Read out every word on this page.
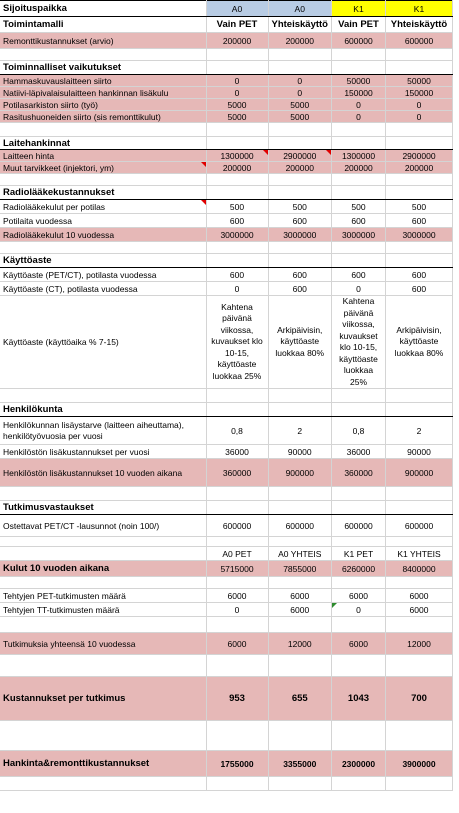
Sijoituspaikka	A0	A0	K1	K1
Toimintamalli	Vain PET	Yhteiskäyttö	Vain PET	Yhteiskäyttö
Remonttikustannukset (arvio)	200000	200000	600000	600000

Toiminnalliset vaikutukset				
Hammaskuvauslaitteen siirto	0	0	50000	50000
Natiivi-läpivalaisulaitteen hankinnan lisäkulu	0	0	150000	150000
Potilasarkiston siirto (työ)	5000	5000	0	0
Rasitushuoneiden siirto (sis remonttikulut)	5000	5000	0	0

Laitehankinnat				
Laitteen hinta	1300000	2900000	1300000	2900000
Muut tarvikkeet (injektori, ym)	200000	200000	200000	200000

Radiolääkekustannukset				
Radiolääkekulut per potilas	500	500	500	500
Potilaita vuodessa	600	600	600	600
Radiolääkekulut 10 vuodessa	3000000	3000000	3000000	3000000

Käyttöaste				
Käyttöaste (PET/CT), potilasta vuodessa	600	600	600	600
Käyttöaste (CT), potilasta vuodessa	0	600	0	600
Käyttöaste (käyttöaika % 7-15)	Kahtena päivänä viikossa, kuvaukset klo 10-15, käyttöaste luokkaa 25%	Arkipäivisin, käyttöaste luokkaa 80%	Kahtena päivänä viikossa, kuvaukset klo 10-15, käyttöaste luokkaa 25%	Arkipäivisin, käyttöaste luokkaa 80%

Henkilökunta				
Henkilökunnan lisäystarve (laitteen aiheuttama), henkilötyövuosia per vuosi	0,8	2	0,8	2
Henkilöstön lisäkustannukset per vuosi	36000	90000	36000	90000
Henkilöstön lisäkustannukset 10 vuoden aikana	360000	900000	360000	900000

Tutkimusvastaukset				
Ostettavat PET/CT -lausunnot (noin 100/)	600000	600000	600000	600000

	A0 PET	A0 YHTEIS	K1 PET	K1 YHTEIS
Kulut 10 vuoden aikana	5715000	7855000	6260000	8400000

Tehtyjen PET-tutkimusten määrä	6000	6000	6000	6000
Tehtyjen TT-tutkimusten määrä	0	6000	0	6000

Tutkimuksia yhteensä 10 vuodessa	6000	12000	6000	12000

Kustannukset per tutkimus	953	655	1043	700

Hankinta&remonttikustannukset	1755000	3355000	2300000	3900000
